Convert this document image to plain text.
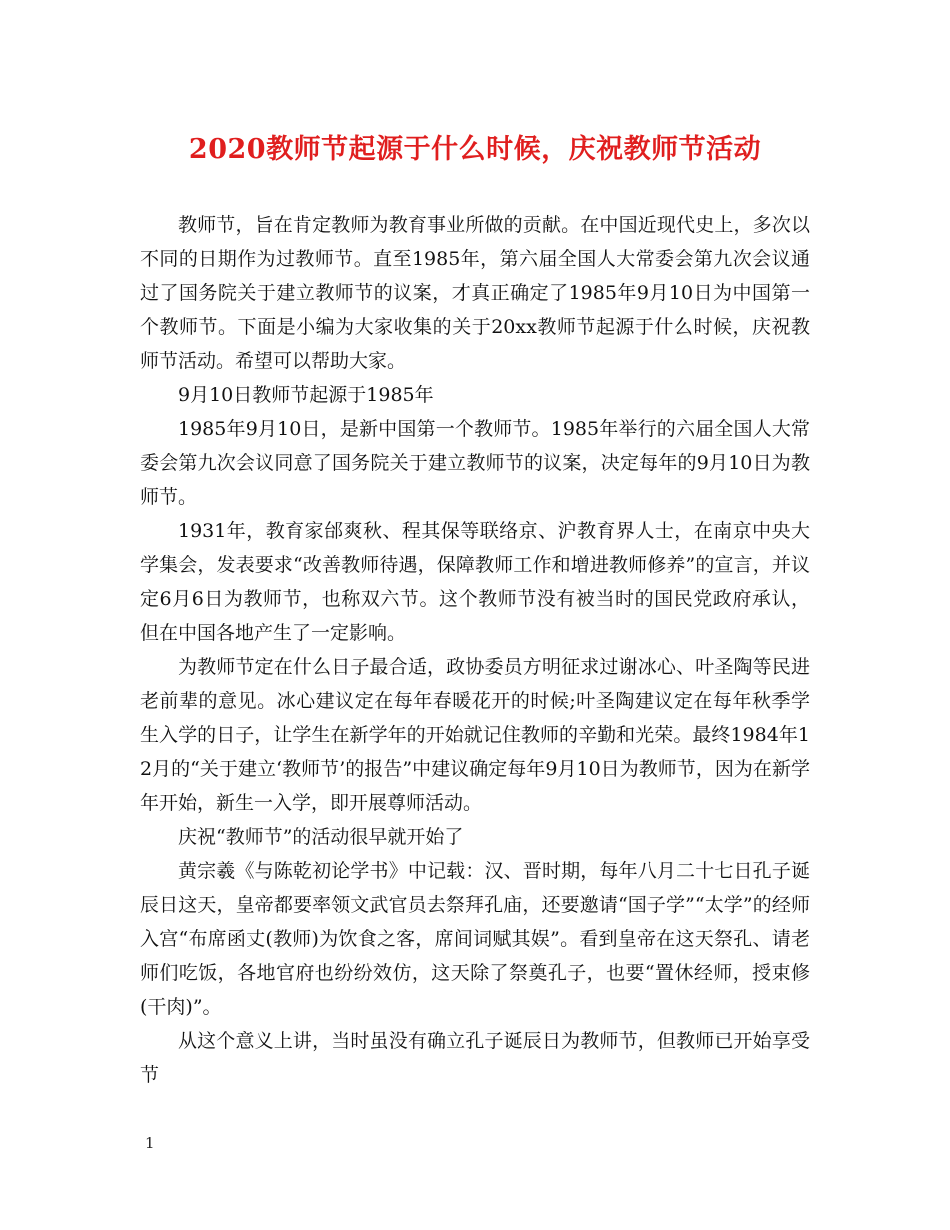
2020教师节起源于什么时候，庆祝教师节活动

教师节，旨在肯定教师为教育事业所做的贡献。在中国近现代史上，多次以不同的日期作为过教师节。直至1985年，第六届全国人大常委会第九次会议通过了国务院关于建立教师节的议案，才真正确定了1985年9月10日为中国第一个教师节。下面是小编为大家收集的关于20xx教师节起源于什么时候，庆祝教师节活动。希望可以帮助大家。

9月10日教师节起源于1985年

1985年9月10日，是新中国第一个教师节。1985年举行的六届全国人大常委会第九次会议同意了国务院关于建立教师节的议案，决定每年的9月10日为教师节。

1931年，教育家邰爽秋、程其保等联络京、沪教育界人士，在南京中央大学集会，发表要求“改善教师待遇，保障教师工作和增进教师修养”的宣言，并议定6月6日为教师节，也称双六节。这个教师节没有被当时的国民党政府承认，但在中国各地产生了一定影响。

为教师节定在什么日子最合适，政协委员方明征求过谢冰心、叶圣陶等民进老前辈的意见。冰心建议定在每年春暖花开的时候;叶圣陶建议定在每年秋季学生入学的日子，让学生在新学年的开始就记住教师的辛勤和光荣。最终1984年12月的“关于建立‘教师节’的报告”中建议确定每年9月10日为教师节，因为在新学年开始，新生一入学，即开展尊师活动。

庆祝“教师节”的活动很早就开始了

黄宗羲《与陈乾初论学书》中记载：汉、晋时期，每年八月二十七日孔子诞辰日这天，皇帝都要率领文武官员去祭拜孔庙，还要邀请“国子学”“太学”的经师入宫“布席函丈(教师)为饮食之客，席间词赋其娱”。看到皇帝在这天祭孔、请老师们吃饭，各地官府也纷纷效仿，这天除了祭奠孔子，也要“置休经师，授束修(干肉)”。

从这个意义上讲，当时虽没有确立孔子诞辰日为教师节，但教师已开始享受节

1
